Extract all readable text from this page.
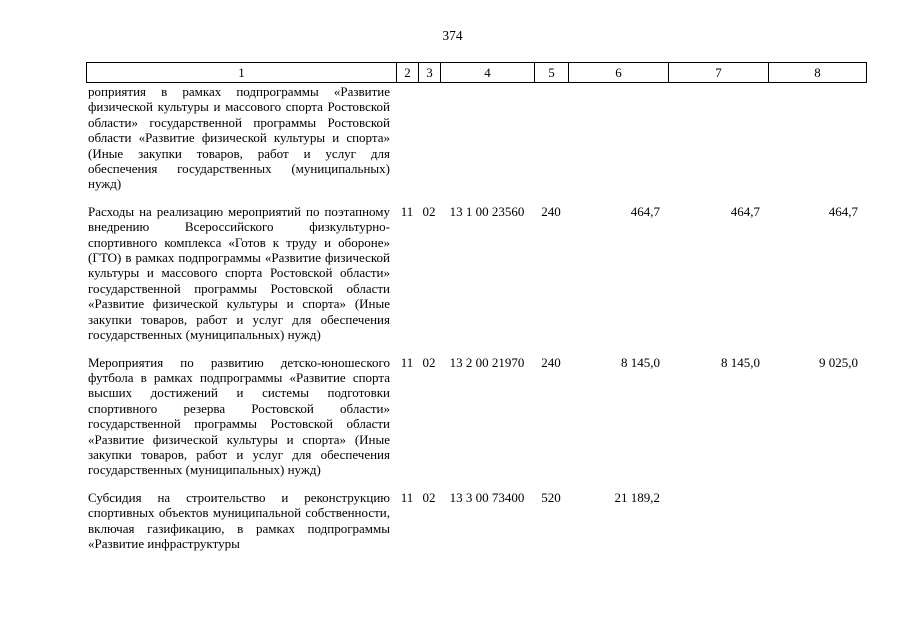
374
1	2	3	4	5	6	7	8
роприятия в рамках подпрограммы «Развитие физической культуры и массового спорта Ростовской области» государственной программы Ростовской области «Развитие физической культуры и спорта» (Иные закупки товаров, работ и услуг для обеспечения государственных (муниципальных) нужд)							
Расходы на реализацию мероприятий по поэтапному внедрению Всероссийского физкультурно-спортивного комплекса «Готов к труду и обороне» (ГТО) в рамках подпрограммы «Развитие физической культуры и массового спорта Ростовской области» государственной программы Ростовской области «Развитие физической культуры и спорта» (Иные закупки товаров, работ и услуг для обеспечения государственных (муниципальных) нужд)	11	02	13 1 00 23560	240	464,7	464,7	464,7
Мероприятия по развитию детско-юношеского футбола в рамках подпрограммы «Развитие спорта высших достижений и системы подготовки спортивного резерва Ростовской области» государственной программы Ростовской области «Развитие физической культуры и спорта» (Иные закупки товаров, работ и услуг для обеспечения государственных (муниципальных) нужд)	11	02	13 2 00 21970	240	8 145,0	8 145,0	9 025,0
Субсидия на строительство и реконструкцию спортивных объектов муниципальной собственности, включая газификацию, в рамках подпрограммы «Развитие инфраструктуры	11	02	13 3 00 73400	520	21 189,2		
